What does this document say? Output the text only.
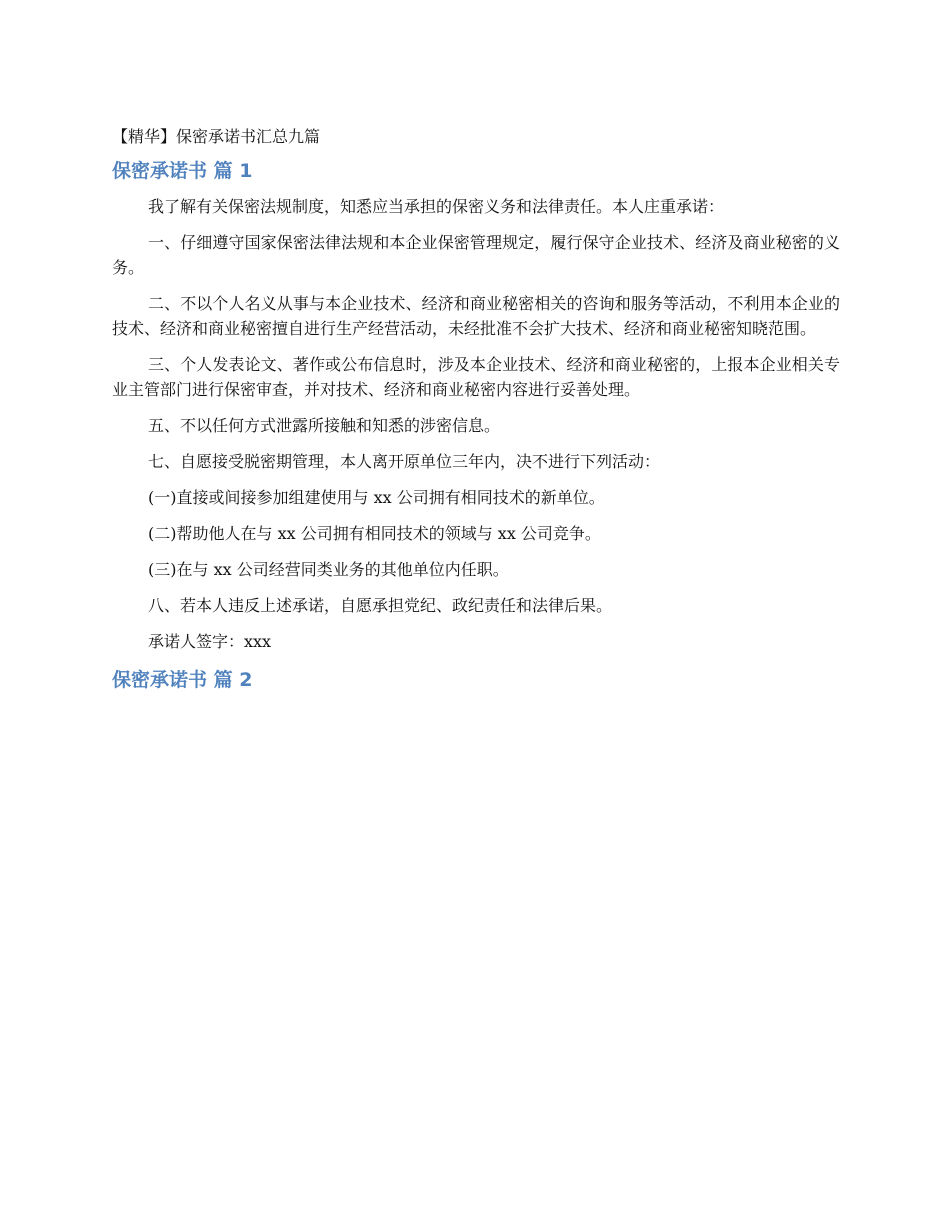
【精华】保密承诺书汇总九篇
保密承诺书 篇 1

我了解有关保密法规制度，知悉应当承担的保密义务和法律责任。本人庄重承诺：

一、仔细遵守国家保密法律法规和本企业保密管理规定，履行保守企业技术、经济及商业秘密的义务。

二、不以个人名义从事与本企业技术、经济和商业秘密相关的咨询和服务等活动，不利用本企业的技术、经济和商业秘密擅自进行生产经营活动，未经批准不会扩大技术、经济和商业秘密知晓范围。

三、个人发表论文、著作或公布信息时，涉及本企业技术、经济和商业秘密的，上报本企业相关专业主管部门进行保密审查，并对技术、经济和商业秘密内容进行妥善处理。

五、不以任何方式泄露所接触和知悉的涉密信息。

七、自愿接受脱密期管理，本人离开原单位三年内，决不进行下列活动：

(一)直接或间接参加组建使用与 xx 公司拥有相同技术的新单位。

(二)帮助他人在与 xx 公司拥有相同技术的领域与 xx 公司竞争。

(三)在与 xx 公司经营同类业务的其他单位内任职。

八、若本人违反上述承诺，自愿承担党纪、政纪责任和法律后果。

承诺人签字：xxx

保密承诺书 篇 2
